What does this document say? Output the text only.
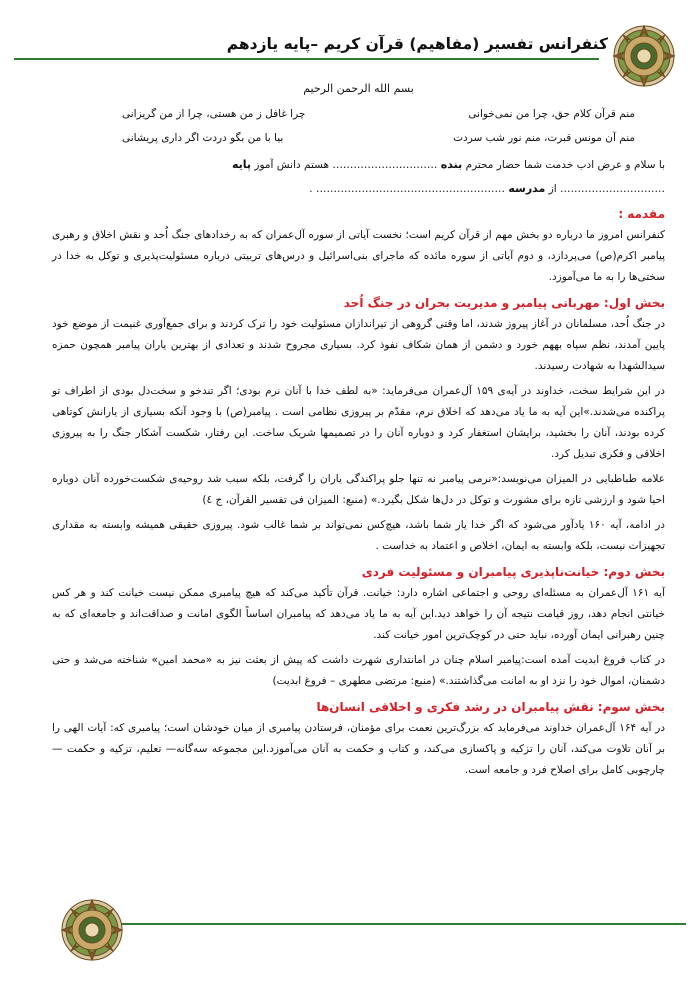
کنفرانس تفسیر (مفاهیم) قرآن کریم –پایه یازدهم
بسم الله الرحمن الرحیم
منم قرآن کلام حق، چرا من نمی‌خوانی
چرا غافل ز من هستی، چرا از من گریزانی
منم آن مونس قبرت، منم نور شب سردت
بیا با من بگو دردت اگر داری پریشانی
با سلام و عرض ادب خدمت شما حضار محترم بنده ………………………… هستم دانش آموز پایه
………………………… از مدرسه ……………………………………………… .
مقدمه :

کنفرانس امروز ما درباره دو بخش مهم از قرآن کریم است؛ نخست آیاتی از سوره آل‌عمران که به رخدادهای جنگ اُحد و نقش اخلاق و رهبری پیامبر اکرم(ص) می‌پردازد، و دوم آیاتی از سوره مائده که ماجرای بنی‌اسرائیل و درس‌های تربیتی درباره مسئولیت‌پذیری و توکل به خدا در سختی‌ها را به ما می‌آموزد.

بخش اول: مهربانی پیامبر و مدیریت بحران در جنگ اُحد

در جنگ اُحد، مسلمانان در آغاز پیروز شدند، اما وقتی گروهی از تیراندازان مسئولیت خود را ترک کردند و برای جمع‌آوری غنیمت از موضع خود پایین آمدند، نظم سپاه بههم خورد و دشمن از همان شکاف نفوذ کرد. بسیاری مجروح شدند و تعدادی از بهترین یاران پیامبر همچون حمزه سیدالشهدا به شهادت رسیدند.

در این شرایط سخت، خداوند در آیه‌ی ۱۵۹ آل‌عمران می‌فرماید: «به لطف خدا با آنان نرم بودی؛ اگر تندخو و سخت‌دل بودی از اطراف تو پراکنده می‌شدند.»این آیه به ما یاد می‌دهد که اخلاق نرم، مقدّم بر پیروزی نظامی است . پیامبر(ص) با وجود آنکه بسیاری از یارانش کوتاهی کرده بودند، آنان را بخشید، برایشان استغفار کرد و دوباره آنان را در تصمیمها شریک ساخت. این رفتار، شکست آشکار جنگ را به پیروزی اخلاقی و فکری تبدیل کرد.

علامه طباطبایی در المیزان می‌نویسد:«نرمی پیامبر نه تنها جلو پراکندگی یاران را گرفت، بلکه سبب شد روحیه‌ی شکست‌خورده آنان دوباره احیا شود و ارزشی تازه برای مشورت و توکل در دل‌ها شکل بگیرد.» (منبع: المیزان فی تفسیر القرآن، ج ٤)

در ادامه، آیه ۱۶۰ یادآور می‌شود که اگر خدا یار شما باشد، هیچ‌کس نمی‌تواند بر شما غالب شود. پیروزی حقیقی همیشه وابسته به مقداری تجهیزات نیست، بلکه وابسته به ایمان، اخلاص و اعتماد به خداست .

بخش دوم: خیانت‌ناپذیری پیامبران و مسئولیت فردی

آیه ۱۶۱ آل‌عمران به مسئله‌ای روحی و اجتماعی اشاره دارد: خیانت. قرآن تأکید می‌کند که هیچ پیامبری ممکن نیست خیانت کند و هر کس خیانتی انجام دهد، روز قیامت نتیجه آن را خواهد دید.این آیه به ما یاد می‌دهد که پیامبران اساساً الگوی امانت و صداقت‌اند و جامعه‌ای که به چنین رهبرانی ایمان آورده، نباید حتی در کوچک‌ترین امور خیانت کند.

در کتاب فروغ ابدیت آمده است:پیامبر اسلام چنان در امانتداری شهرت داشت که پیش از بعثت نیز به «محمد امین» شناخته می‌شد و حتی دشمنان، اموال خود را نزد او به امانت می‌گذاشتند.» (منبع: مرتضی مطهری – فروغ ابدیت)

بخش سوم: نقش پیامبران در رشد فکری و اخلاقی انسان‌ها

در آیه ۱۶۴ آل‌عمران خداوند می‌فرماید که بزرگ‌ترین نعمت برای مؤمنان، فرستادن پیامبری از میان خودشان است؛ پیامبری که: آیات الهی را بر آنان تلاوت می‌کند، آنان را تزکیه و پاکسازی می‌کند، و کتاب و حکمت به آنان می‌آموزد.این مجموعه سه‌گانه— تعلیم، تزکیه و حکمت —چارچوبی کامل برای اصلاح فرد و جامعه است.
